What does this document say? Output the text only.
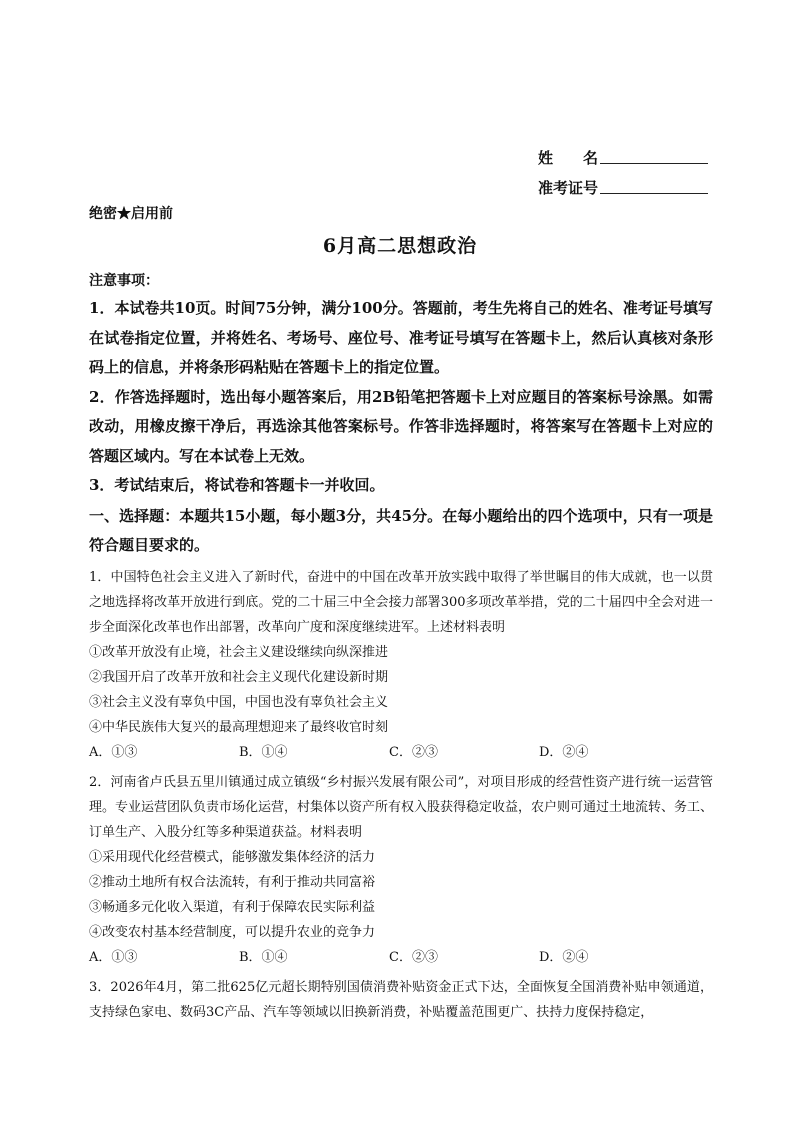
姓　　名
准考证号
绝密★启用前
6月高二思想政治
注意事项：
1．本试卷共10页。时间75分钟，满分100分。答题前，考生先将自己的姓名、准考证号填写在试卷指定位置，并将姓名、考场号、座位号、准考证号填写在答题卡上，然后认真核对条形码上的信息，并将条形码粘贴在答题卡上的指定位置。
2．作答选择题时，选出每小题答案后，用2B铅笔把答题卡上对应题目的答案标号涂黑。如需改动，用橡皮擦干净后，再选涂其他答案标号。作答非选择题时，将答案写在答题卡上对应的答题区域内。写在本试卷上无效。
3．考试结束后，将试卷和答题卡一并收回。
一、选择题：本题共15小题，每小题3分，共45分。在每小题给出的四个选项中，只有一项是符合题目要求的。
1．中国特色社会主义进入了新时代，奋进中的中国在改革开放实践中取得了举世瞩目的伟大成就，也一以贯之地选择将改革开放进行到底。党的二十届三中全会接力部署300多项改革举措，党的二十届四中全会对进一步全面深化改革也作出部署，改革向广度和深度继续进军。上述材料表明
①改革开放没有止境，社会主义建设继续向纵深推进
②我国开启了改革开放和社会主义现代化建设新时期
③社会主义没有辜负中国，中国也没有辜负社会主义
④中华民族伟大复兴的最高理想迎来了最终收官时刻
A．①③	B．①④	C．②③	D．②④
2．河南省卢氏县五里川镇通过成立镇级“乡村振兴发展有限公司”，对项目形成的经营性资产进行统一运营管理。专业运营团队负责市场化运营，村集体以资产所有权入股获得稳定收益，农户则可通过土地流转、务工、订单生产、入股分红等多种渠道获益。材料表明
①采用现代化经营模式，能够激发集体经济的活力
②推动土地所有权合法流转，有利于推动共同富裕
③畅通多元化收入渠道，有利于保障农民实际利益
④改变农村基本经营制度，可以提升农业的竞争力
A．①③	B．①④	C．②③	D．②④
3．2026年4月，第二批625亿元超长期特别国债消费补贴资金正式下达，全面恢复全国消费补贴申领通道，支持绿色家电、数码3C产品、汽车等领域以旧换新消费，补贴覆盖范围更广、扶持力度保持稳定，
